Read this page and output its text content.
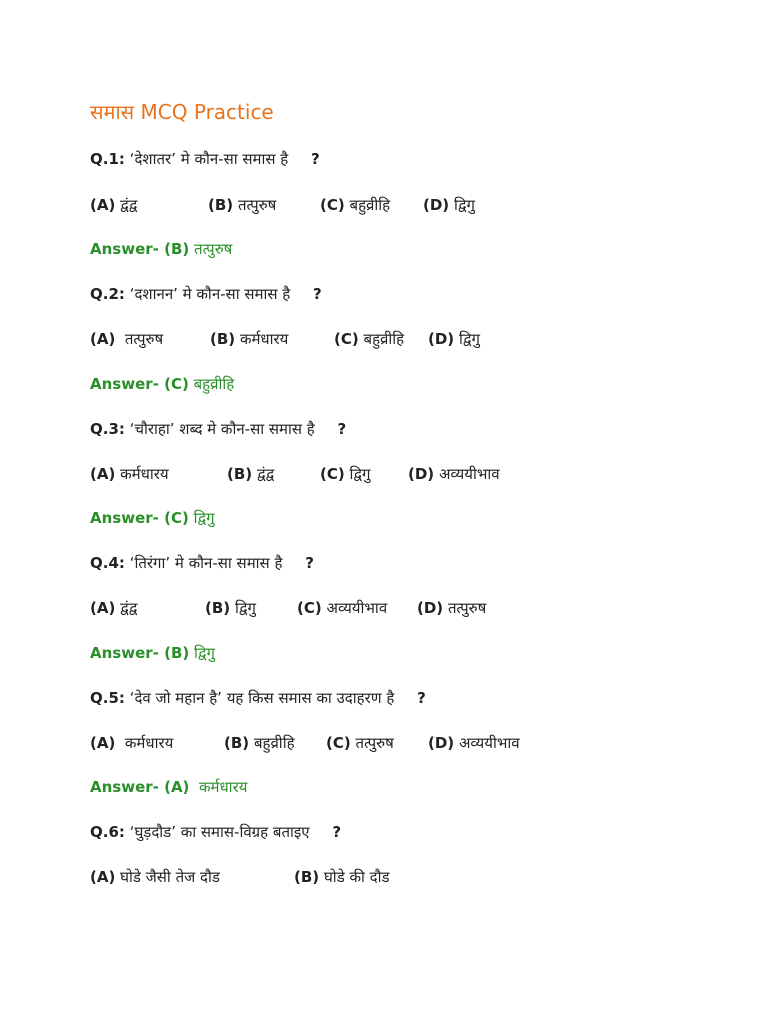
समास MCQ Practice
Q.1: ‘देशातर’ मे कौन-सा समास है ?
(A) द्वंद्व	(B) तत्पुरुष	(C) बहुव्रीहि (D) द्विगु
Answer- (B) तत्पुरुष
Q.2: ‘दशानन’ मे कौन-सा समास है ?
(A) तत्पुरुष	(B) कर्मधारय	(C) बहुव्रीहि (D) द्विगु
Answer- (C) बहुव्रीहि
Q.3: ‘चौराहा’ शब्द मे कौन-सा समास है ?
(A) कर्मधारय	(B) द्वंद्व	(C) द्विगु	(D) अव्ययीभाव
Answer- (C) द्विगु
Q.4: ‘तिरंगा’ मे कौन-सा समास है ?
(A) द्वंद्व	(B) द्विगु	(C) अव्ययीभाव (D) तत्पुरुष
Answer- (B) द्विगु
Q.5: ‘देव जो महान है’ यह किस समास का उदाहरण है ?
(A) कर्मधारय	(B) बहुव्रीहि (C) तत्पुरुष (D) अव्ययीभाव
Answer- (A) कर्मधारय
Q.6: ‘घुड़दौड’ का समास-विग्रह बताइए ?
(A) घोडे जैसी तेज दौड	(B) घोडे की दौड
